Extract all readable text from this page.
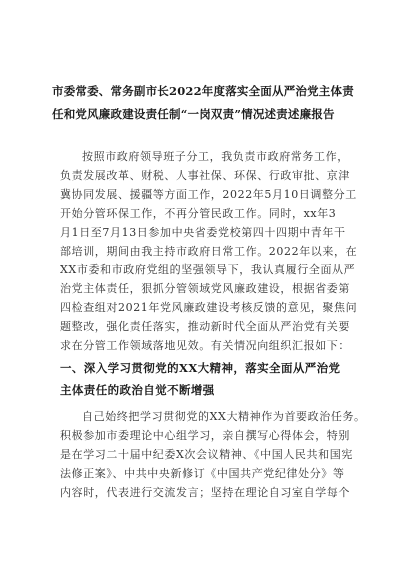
市委常委、常务副市长2022年度落实全面从严治党主体责
任和党风廉政建设责任制“一岗双责”情况述责述廉报告
按照市政府领导班子分工，我负责市政府常务工作，
负责发展改革、财税、人事社保、环保、行政审批、京津
冀协同发展、援疆等方面工作，2022年5月10日调整分工
开始分管环保工作，不再分管民政工作。同时，xx年3
月1日至7月13日参加中央省委党校第四十四期中青年干
部培训，期间由我主持市政府日常工作。2022年以来，在
XX市委和市政府党组的坚强领导下，我认真履行全面从严
治党主体责任，狠抓分管领域党风廉政建设，根据省委第
四检查组对2021年党风廉政建设考核反馈的意见，聚焦问
题整改，强化责任落实，推动新时代全面从严治党有关要
求在分管工作领域落地见效。有关情况向组织汇报如下：
一、深入学习贯彻党的XX大精神，落实全面从严治党
主体责任的政治自觉不断增强
自己始终把学习贯彻党的XX大精神作为首要政治任务。
积极参加市委理论中心组学习，亲自撰写心得体会，特别
是在学习二十届中纪委X次会议精神、《中国人民共和国宪
法修正案》、中共中央新修订《中国共产党纪律处分》等
内容时，代表进行交流发言；坚持在理论自习室自学每个
